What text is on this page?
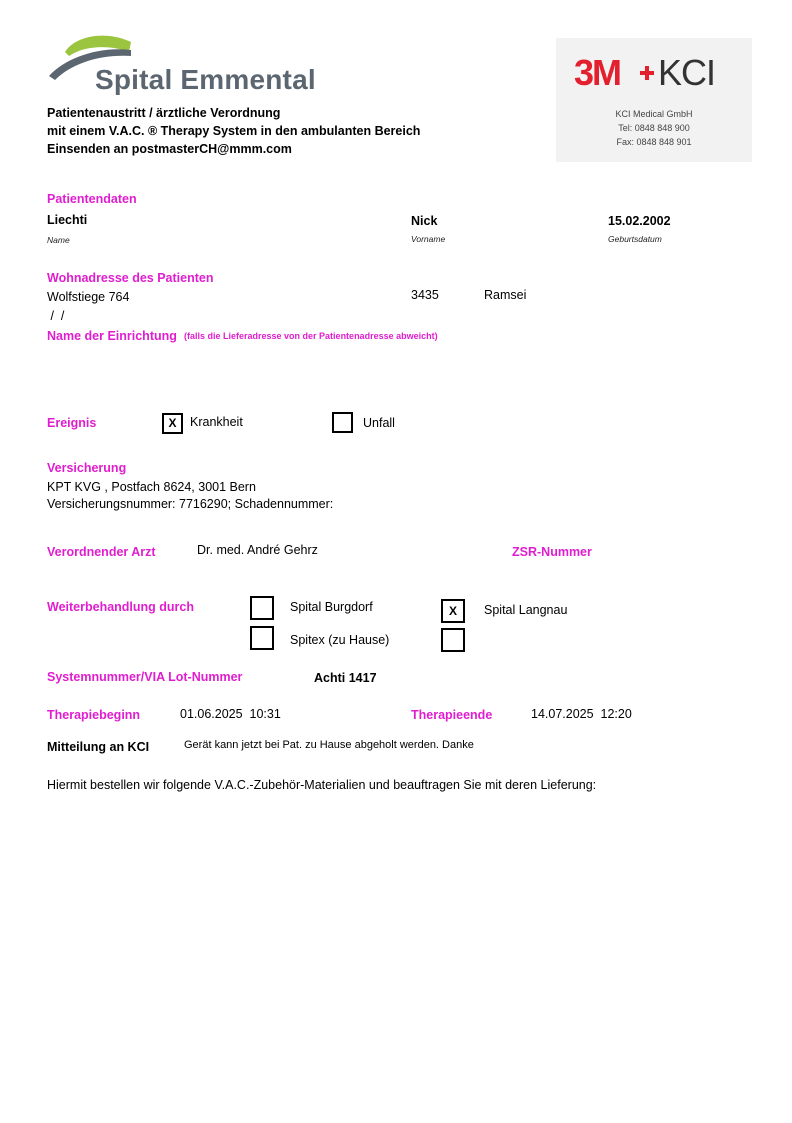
Spital Emmental
Patientenaustritt / ärztliche Verordnung
mit einem V.A.C. ® Therapy System in den ambulanten Bereich
Einsenden an postmasterCH@mmm.com
3M KCI
KCI Medical GmbH
Tel: 0848 848 900
Fax: 0848 848 901
Patientendaten
Liechti
Name
Nick
Vorname
15.02.2002
Geburtsdatum
Wohnadresse des Patienten
Wolfstiege 764	3435	Ramsei
/  /
Name der Einrichtung (falls die Lieferadresse von der Patientenadresse abweicht)
Ereignis	X	Krankheit	Unfall
Versicherung
KPT KVG , Postfach 8624, 3001 Bern
Versicherungsnummer: 7716290; Schadennummer:
Verordnender Arzt	Dr. med. André Gehrz	ZSR-Nummer
Weiterbehandlung durch	Spital Burgdorf	X	Spital Langnau
Spitex (zu Hause)
Systemnummer/VIA Lot-Nummer	Achti 1417
Therapiebeginn	01.06.2025  10:31	Therapieende	14.07.2025  12:20
Mitteilung an KCI	Gerät kann jetzt bei Pat. zu Hause abgeholt werden. Danke
Hiermit bestellen wir folgende V.A.C.-Zubehör-Materialien und beauftragen Sie mit deren Lieferung:
